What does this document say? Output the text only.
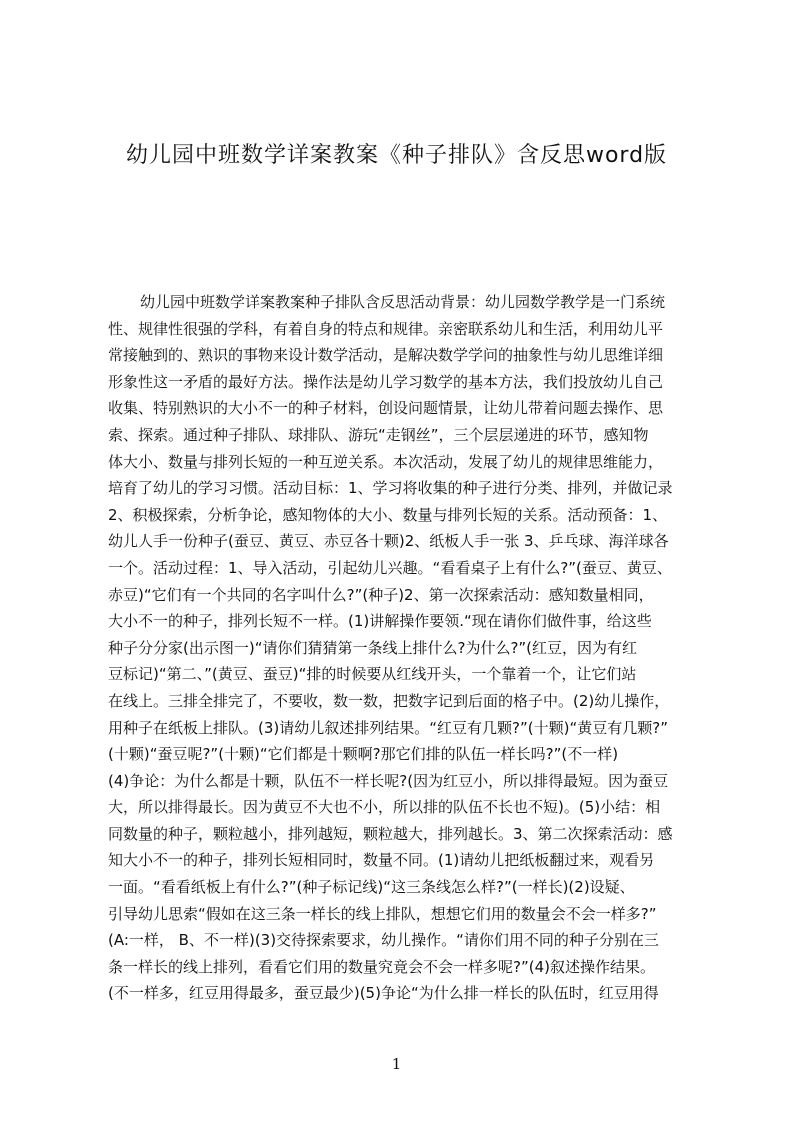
幼儿园中班数学详案教案《种子排队》含反思word版
幼儿园中班数学详案教案种子排队含反思活动背景：幼儿园数学教学是一门系统
性、规律性很强的学科，有着自身的特点和规律。亲密联系幼儿和生活，利用幼儿平
常接触到的、熟识的事物来设计数学活动，是解决数学学问的抽象性与幼儿思维详细
形象性这一矛盾的最好方法。操作法是幼儿学习数学的基本方法，我们投放幼儿自己
收集、特别熟识的大小不一的种子材料，创设问题情景，让幼儿带着问题去操作、思
索、探索。通过种子排队、球排队、游玩“走钢丝”，三个层层递进的环节，感知物
体大小、数量与排列长短的一种互逆关系。本次活动，发展了幼儿的规律思维能力，
培育了幼儿的学习习惯。活动目标：1、学习将收集的种子进行分类、排列，并做记录
2、积极探索，分析争论，感知物体的大小、数量与排列长短的关系。活动预备：1、
幼儿人手一份种子(蚕豆、黄豆、赤豆各十颗)2、纸板人手一张 3、乒乓球、海洋球各
一个。活动过程：1、导入活动，引起幼儿兴趣。“看看桌子上有什么?”(蚕豆、黄豆、
赤豆)“它们有一个共同的名字叫什么?”(种子)2、第一次探索活动：感知数量相同，
大小不一的种子，排列长短不一样。(1)讲解操作要领.“现在请你们做件事，给这些
种子分分家(出示图一)“请你们猜猜第一条线上排什么?为什么?”(红豆，因为有红
豆标记)“第二、”(黄豆、蚕豆)“排的时候要从红线开头，一个靠着一个，让它们站
在线上。三排全排完了，不要收，数一数，把数字记到后面的格子中。(2)幼儿操作，
用种子在纸板上排队。(3)请幼儿叙述排列结果。“红豆有几颗?”(十颗)“黄豆有几颗?”
(十颗)“蚕豆呢?”(十颗)“它们都是十颗啊?那它们排的队伍一样长吗?”(不一样)
(4)争论：为什么都是十颗，队伍不一样长呢?(因为红豆小，所以排得最短。因为蚕豆
大，所以排得最长。因为黄豆不大也不小，所以排的队伍不长也不短)。(5)小结：相
同数量的种子，颗粒越小，排列越短，颗粒越大，排列越长。3、第二次探索活动：感
知大小不一的种子，排列长短相同时，数量不同。(1)请幼儿把纸板翻过来，观看另
一面。“看看纸板上有什么?”(种子标记线)“这三条线怎么样?”(一样长)(2)设疑、
引导幼儿思索“假如在这三条一样长的线上排队，想想它们用的数量会不会一样多?”
(A:一样， B、不一样)(3)交待探索要求，幼儿操作。“请你们用不同的种子分别在三
条一样长的线上排列，看看它们用的数量究竟会不会一样多呢?”(4)叙述操作结果。
(不一样多，红豆用得最多，蚕豆最少)(5)争论“为什么排一样长的队伍时，红豆用得
1
